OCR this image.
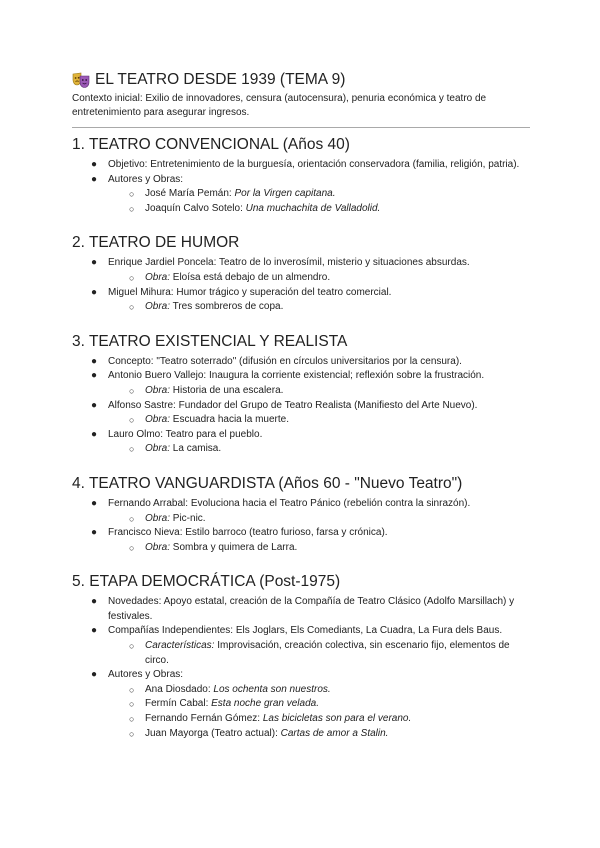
EL TEATRO DESDE 1939 (TEMA 9)

Contexto inicial: Exilio de innovadores, censura (autocensura), penuria económica y teatro de entretenimiento para asegurar ingresos.

1. TEATRO CONVENCIONAL (Años 40)
● Objetivo: Entretenimiento de la burguesía, orientación conservadora (familia, religión, patria).
● Autores y Obras:
○ José María Pemán: Por la Virgen capitana.
○ Joaquín Calvo Sotelo: Una muchachita de Valladolid.
2. TEATRO DE HUMOR
● Enrique Jardiel Poncela: Teatro de lo inverosímil, misterio y situaciones absurdas.
○ Obra: Eloísa está debajo de un almendro.
● Miguel Mihura: Humor trágico y superación del teatro comercial.
○ Obra: Tres sombreros de copa.
3. TEATRO EXISTENCIAL Y REALISTA
● Concepto: "Teatro soterrado" (difusión en círculos universitarios por la censura).
● Antonio Buero Vallejo: Inaugura la corriente existencial; reflexión sobre la frustración.
○ Obra: Historia de una escalera.
● Alfonso Sastre: Fundador del Grupo de Teatro Realista (Manifiesto del Arte Nuevo).
○ Obra: Escuadra hacia la muerte.
● Lauro Olmo: Teatro para el pueblo.
○ Obra: La camisa.
4. TEATRO VANGUARDISTA (Años 60 - "Nuevo Teatro")
● Fernando Arrabal: Evoluciona hacia el Teatro Pánico (rebelión contra la sinrazón).
○ Obra: Pic-nic.
● Francisco Nieva: Estilo barroco (teatro furioso, farsa y crónica).
○ Obra: Sombra y quimera de Larra.
5. ETAPA DEMOCRÁTICA (Post-1975)
● Novedades: Apoyo estatal, creación de la Compañía de Teatro Clásico (Adolfo Marsillach) y festivales.
● Compañías Independientes: Els Joglars, Els Comediants, La Cuadra, La Fura dels Baus.
○ Características: Improvisación, creación colectiva, sin escenario fijo, elementos de circo.
● Autores y Obras:
○ Ana Diosdado: Los ochenta son nuestros.
○ Fermín Cabal: Esta noche gran velada.
○ Fernando Fernán Gómez: Las bicicletas son para el verano.
○ Juan Mayorga (Teatro actual): Cartas de amor a Stalin.
